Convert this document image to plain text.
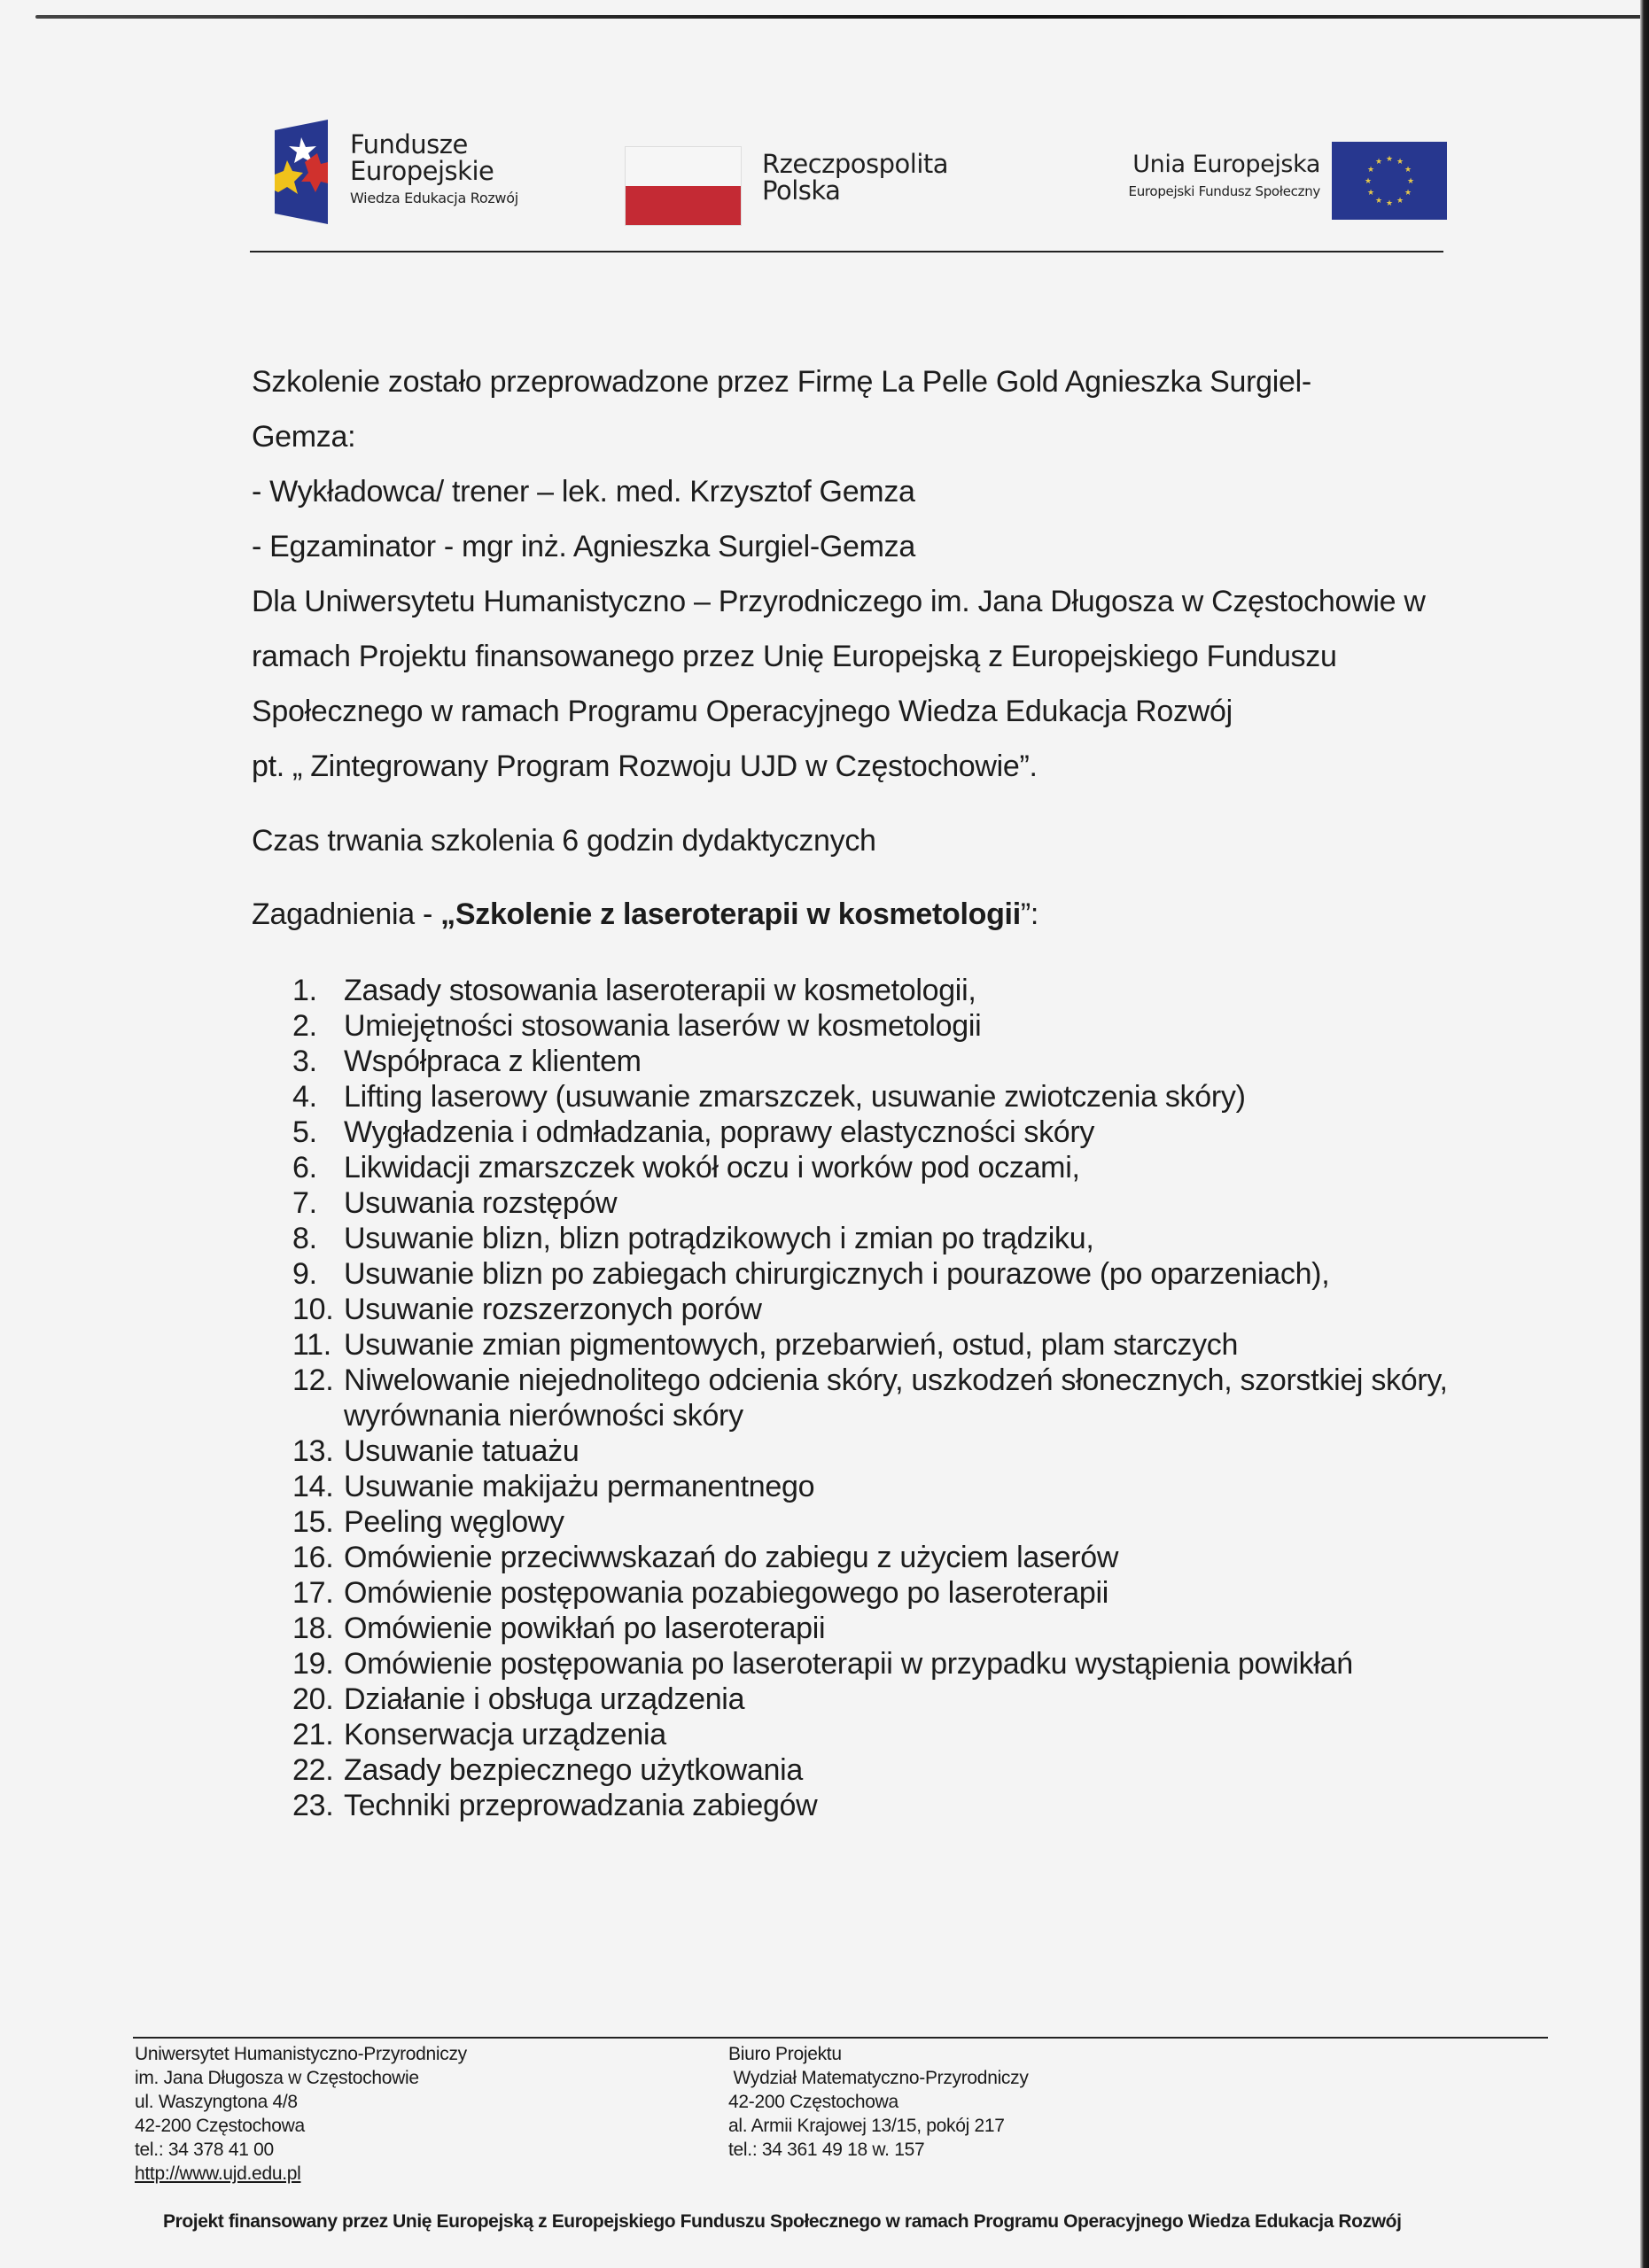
Fundusze
Europejskie
Wiedza Edukacja Rozwój
Rzeczpospolita
Polska
Unia Europejska
Europejski Fundusz Społeczny
★ ★
★
★
★
★
★
★
★
★
★
★

Szkolenie zostało przeprowadzone przez Firmę La Pelle Gold Agnieszka Surgiel-

Gemza:

- Wykładowca/ trener – lek. med. Krzysztof Gemza

- Egzaminator - mgr inż. Agnieszka Surgiel-Gemza

Dla Uniwersytetu Humanistyczno – Przyrodniczego im. Jana Długosza w Częstochowie w

ramach Projektu finansowanego przez Unię Europejską z Europejskiego Funduszu

Społecznego w ramach Programu Operacyjnego Wiedza Edukacja Rozwój

pt. „ Zintegrowany Program Rozwoju UJD w Częstochowie”.

Czas trwania szkolenia 6 godzin dydaktycznych
Zagadnienia - „Szkolenie z laseroterapii w kosmetologii”:
1. Zasady stosowania laseroterapii w kosmetologii,
2. Umiejętności stosowania laserów w kosmetologii
3. Współpraca z klientem
4. Lifting laserowy (usuwanie zmarszczek, usuwanie zwiotczenia skóry)
5. Wygładzenia i odmładzania, poprawy elastyczności skóry
6. Likwidacji zmarszczek wokół oczu i worków pod oczami,
7. Usuwania rozstępów
8. Usuwanie blizn, blizn potrądzikowych i zmian po trądziku,
9. Usuwanie blizn po zabiegach chirurgicznych i pourazowe (po oparzeniach),
10. Usuwanie rozszerzonych porów
11. Usuwanie zmian pigmentowych, przebarwień, ostud, plam starczych
12. Niwelowanie niejednolitego odcienia skóry, uszkodzeń słonecznych, szorstkiej skóry, wyrównania nierówności skóry
13. Usuwanie tatuażu
14. Usuwanie makijażu permanentnego
15. Peeling węglowy
16. Omówienie przeciwwskazań do zabiegu z użyciem laserów
17. Omówienie postępowania pozabiegowego po laseroterapii
18. Omówienie powikłań po laseroterapii
19. Omówienie postępowania po laseroterapii w przypadku wystąpienia powikłań
20. Działanie i obsługa urządzenia
21. Konserwacja urządzenia
22. Zasady bezpiecznego użytkowania
23. Techniki przeprowadzania zabiegów
Uniwersytet Humanistyczno-Przyrodniczy
im. Jana Długosza w Częstochowie
ul. Waszyngtona 4/8
42-200 Częstochowa
tel.: 34 378 41 00
http://www.ujd.edu.pl
Biuro Projektu
Wydział Matematyczno-Przyrodniczy
42-200 Częstochowa
al. Armii Krajowej 13/15, pokój 217
tel.: 34 361 49 18 w. 157
Projekt finansowany przez Unię Europejską z Europejskiego Funduszu Społecznego w ramach Programu Operacyjnego Wiedza Edukacja Rozwój
